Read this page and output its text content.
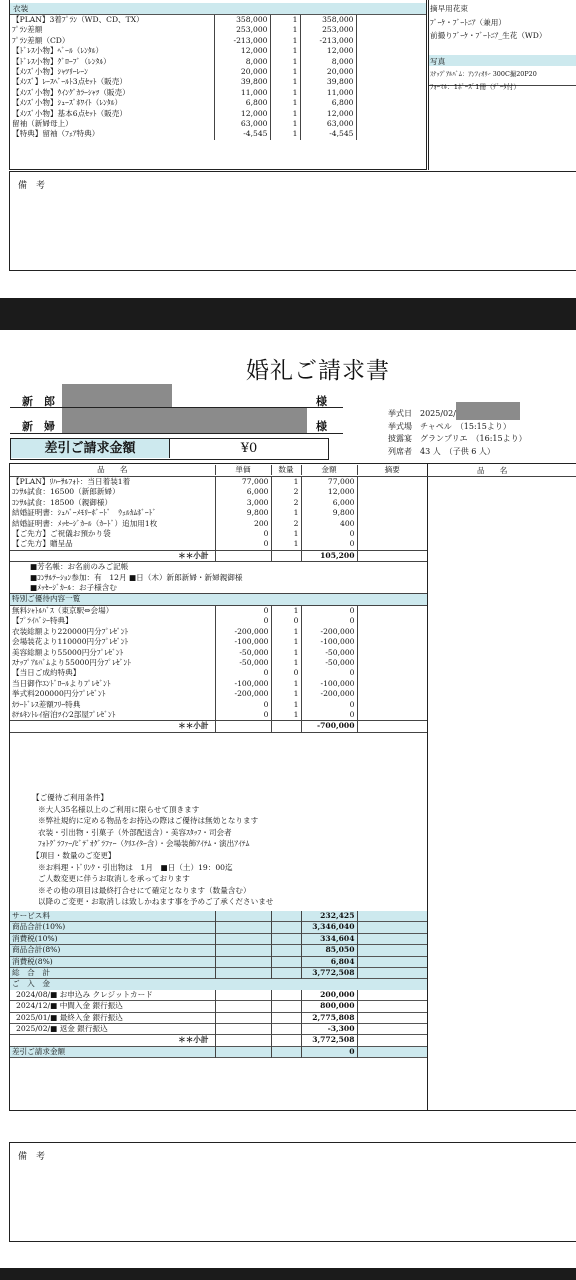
衣装
【PLAN】3着ﾌﾟﾗﾝ（WD、CD、TX）	358,000	1	358,000	
ﾌﾟﾗﾝ差額	253,000	1	253,000	
ﾌﾟﾗﾝ差額（CD）	-213,000	1	-213,000	
【ﾄﾞﾚｽ小物】ﾍﾞｰﾙ（ﾚﾝﾀﾙ）	12,000	1	12,000	
【ﾄﾞﾚｽ小物】ｸﾞﾛｰﾌﾞ（ﾚﾝﾀﾙ）	8,000	1	8,000	
【ﾒﾝｽﾞ小物】ｼｬﾂﾘｰﾚｰﾝ	20,000	1	20,000	
【ﾒﾝｽﾞ】ﾚｰｽﾍﾞｰﾙﾄ3点ｾｯﾄ（販売）	39,800	1	39,800	
【ﾒﾝｽﾞ小物】ｳｲﾝｸﾞｶﾗｰｼｬﾂ（販売）	11,000	1	11,000	
【ﾒﾝｽﾞ小物】ｼｭｰｽﾞﾎﾜｲﾄ（ﾚﾝﾀﾙ）	6,800	1	6,800	
【ﾒﾝｽﾞ小物】基本6点ｾｯﾄ（販売）	12,000	1	12,000	
留袖（新婦母上）	63,000	1	63,000	
【特典】留袖（ﾌｪｱ特典）	-4,545	1	-4,545	
摘早用花束
ﾌﾞｰｹ・ﾌﾞｰﾄﾆｱ（兼用）
前撮りﾌﾞｰｹ・ﾌﾞｰﾄﾆｱ_生花（WD）
写真
ｽﾅｯﾌﾟｱﾙﾊﾞﾑ：ｱﾝﾌｨｵﾘｰ 300C撮20P20
ﾌｫｰﾏﾙ：1ﾎﾟｰｽﾞ1冊（ﾃﾞｰﾀ付）
備　考
婚礼ご請求書
新　郎	様
新　婦	様
差引ご請求金額	¥0
挙式日　 2025/02/
挙式場　 チャペル　（15:15より）
披露宴　 グランプリエ　（16:15より）
列席者　 43 人　（子供 6 人）
品　　名	単価	数量	金額	摘要	品　　名
【PLAN】ﾘﾊｰｻﾙﾌｫﾄ：当日着装1着	77,000	1	77,000	
ｺﾝｻﾙ試食：16500（新郎新婦）	6,000	2	12,000	
ｺﾝｻﾙ試食：18500（親御様）	3,000	2	6,000	
結婚証明書：ｼｭﾊﾞｰﾒﾓﾘｰﾎﾞｰﾄﾞ　ｳｪﾙｶﾑﾎﾞｰﾄﾞ	9,800	1	9,800	
結婚証明書：ﾒｯｾｰｼﾞｶｰﾙ（ｶｰﾄﾞ）追加用1枚	200	2	400	
【ご先方】ご祝儀お預かり袋	0	1	0	
【ご先方】贈呈品	0	1	0	
＊＊小計			105,200	
■芳名帳：お名前のみご記帳				
■ｺﾝｻﾙﾃｰｼｮﾝ参加：有　12月 ■日（木）新郎新婦・新婦親御様				
■ﾒｯｾｰｼﾞｶｰﾙ：お子様含む				
特別ご優待内容一覧				
無料ｼｬﾄﾙﾊﾞｽ（東京駅⇔会場）	0	1	0	
【ﾌﾟﾗｲﾊﾞｼｰ特典】	0	0	0	
衣装総額より220000円分ﾌﾟﾚｾﾞﾝﾄ	-200,000	1	-200,000	
会場装花より110000円分ﾌﾟﾚｾﾞﾝﾄ	-100,000	1	-100,000	
美容総額より55000円分ﾌﾟﾚｾﾞﾝﾄ	-50,000	1	-50,000	
ｽﾅｯﾌﾟｱﾙﾊﾞﾑより55000円分ﾌﾟﾚｾﾞﾝﾄ	-50,000	1	-50,000	
【当日ご成約特典】	0	0	0	
当日御作ｴﾝﾄﾞﾛｰﾙよりﾌﾟﾚｾﾞﾝﾄ	-100,000	1	-100,000	
挙式料200000円分ﾌﾟﾚｾﾞﾝﾄ	-200,000	1	-200,000	
ｶﾗｰﾄﾞﾚｽ差額ﾌﾘｰ特典	0	1	0	
ﾎﾃﾙｷﾝﾄﾚｲ宿泊ﾂｲﾝ2部屋ﾌﾟﾚｾﾞﾝﾄ	0	1	0	
＊＊小計			-700,000	
【ご優待ご利用条件】
※大人35名様以上のご利用に限らせて頂きます
※弊社規約に定める物品をお持込の際はご優待は無効となります
衣装・引出物・引菓子（外部配送含）・美容ｽﾀｯﾌ・司会者
ﾌｫﾄｸﾞﾗﾌｧｰ/ﾋﾞﾃﾞｵｸﾞﾗﾌｧｰ（ｸﾘｴｲﾀｰ含）・会場装飾ｱｲﾃﾑ・演出ｱｲﾃﾑ
【項目・数量のご変更】
※お料理・ﾄﾞﾘﾝｸ・引出物は　1月　■日（土）19：00迄
ご人数変更に伴うお取消しを承っております
※その他の項目は最終打合せにて確定となります（数量含む）
以降のご変更・お取消しは致しかねます事を予めご了承くださいませ
サービス料			232,425	
商品合計(10%)			3,346,040	
消費税(10%)			334,604	
商品合計(8%)			85,050	
消費税(8%)			6,804	
総　合　計			3,772,508	
ご　入　金				
2024/08/■ お申込み クレジットカード			200,000	
2024/12/■ 中間入金 銀行振込			800,000	
2025/01/■ 最終入金 銀行振込			2,775,808	
2025/02/■ 返金 銀行振込			-3,300	
＊＊小計			3,772,508	
差引ご請求金額			0	
備　考
